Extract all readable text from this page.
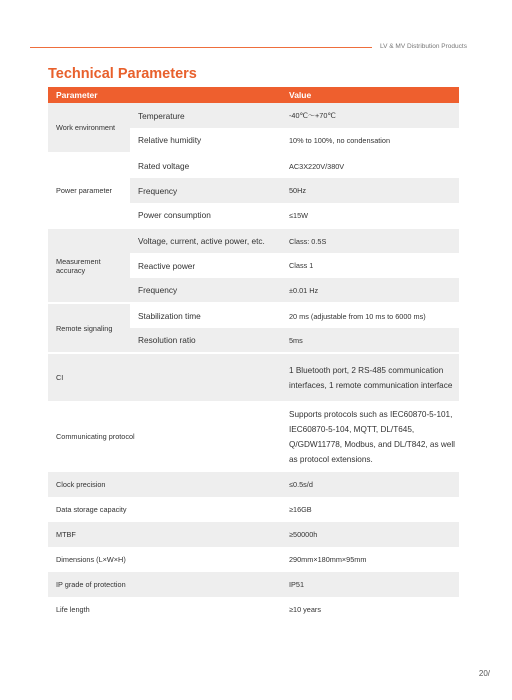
LV & MV Distribution Products
Technical Parameters
Parameter		Value
Work environment	Temperature	-40℃～+70℃
	Relative humidity	10% to 100%, no condensation
Power parameter	Rated voltage	AC3X220V/380V
	Frequency	50Hz
	Power consumption	≤15W
Measurement accuracy	Voltage, current, active power, etc.	Class: 0.5S
	Reactive power	Class 1
	Frequency	±0.01 Hz
Remote signaling	Stabilization time	20 ms (adjustable from 10 ms to 6000 ms)
	Resolution ratio	5ms
CI		1 Bluetooth port, 2 RS-485 communication interfaces, 1 remote communication interface
Communicating protocol		Supports protocols such as IEC60870-5-101, IEC60870-5-104, MQTT, DL/T645, Q/GDW11778, Modbus, and DL/T842, as well as protocol extensions.
Clock precision		≤0.5s/d
Data storage capacity		≥16GB
MTBF		≥50000h
Dimensions (L×W×H)		290mm×180mm×95mm
IP grade of protection		IP51
Life length		≥10 years
20/
